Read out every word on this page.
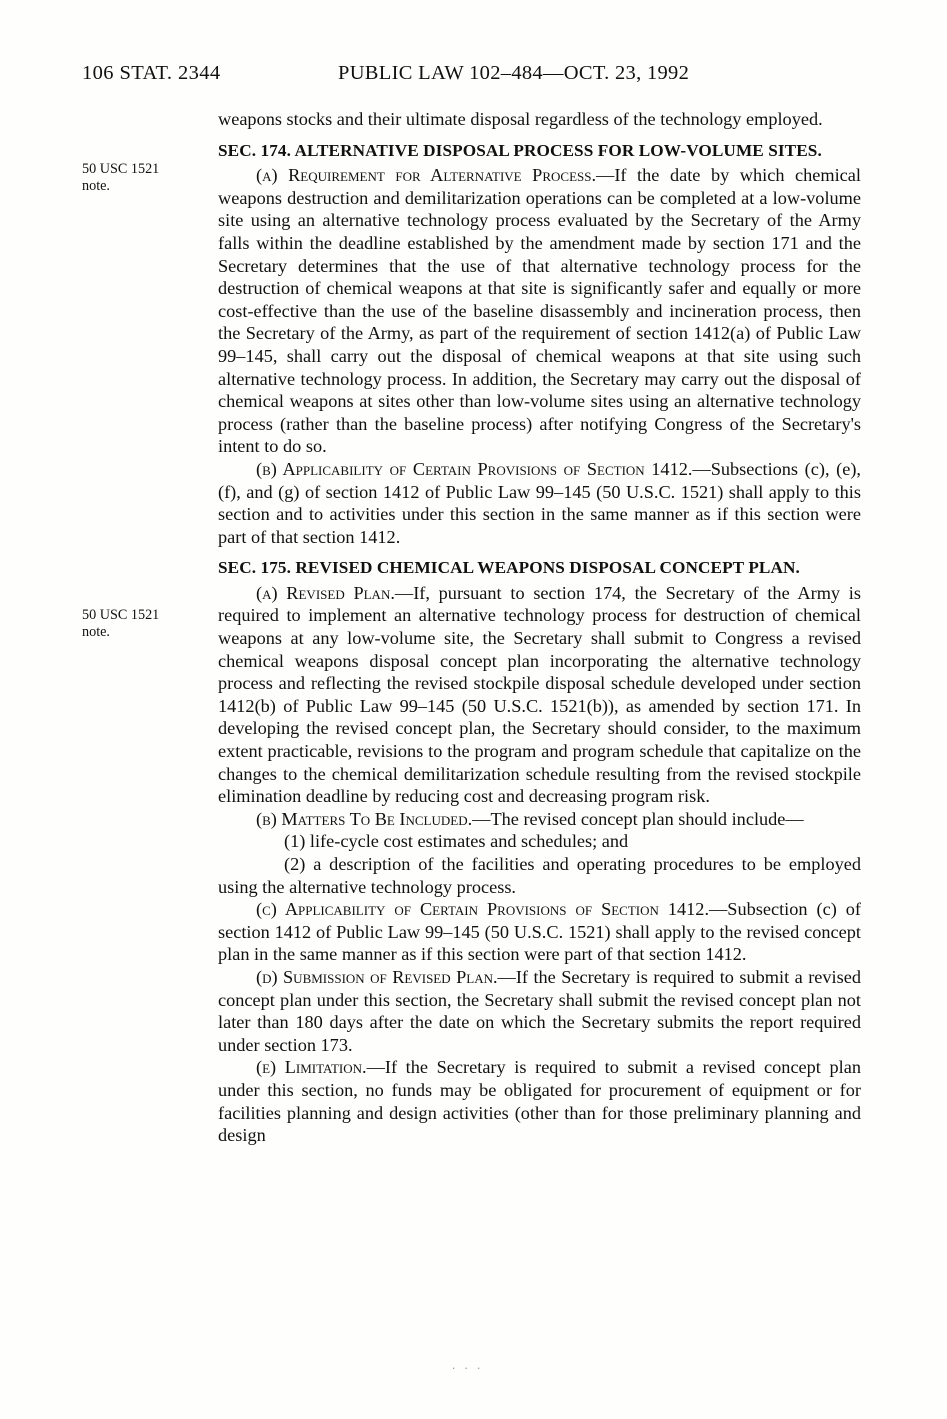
106 STAT. 2344	PUBLIC LAW 102–484—OCT. 23, 1992
50 USC 1521
note.
50 USC 1521
note.

weapons stocks and their ultimate disposal regardless of the technology employed.

SEC. 174. ALTERNATIVE DISPOSAL PROCESS FOR LOW-VOLUME SITES.

(a) Requirement for Alternative Process.—If the date by which chemical weapons destruction and demilitarization operations can be completed at a low-volume site using an alternative technology process evaluated by the Secretary of the Army falls within the deadline established by the amendment made by section 171 and the Secretary determines that the use of that alternative technology process for the destruction of chemical weapons at that site is significantly safer and equally or more cost-effective than the use of the baseline disassembly and incineration process, then the Secretary of the Army, as part of the requirement of section 1412(a) of Public Law 99–145, shall carry out the disposal of chemical weapons at that site using such alternative technology process. In addition, the Secretary may carry out the disposal of chemical weapons at sites other than low-volume sites using an alternative technology process (rather than the baseline process) after notifying Congress of the Secretary's intent to do so.

(b) Applicability of Certain Provisions of Section 1412.—Subsections (c), (e), (f), and (g) of section 1412 of Public Law 99–145 (50 U.S.C. 1521) shall apply to this section and to activities under this section in the same manner as if this section were part of that section 1412.

SEC. 175. REVISED CHEMICAL WEAPONS DISPOSAL CONCEPT PLAN.

(a) Revised Plan.—If, pursuant to section 174, the Secretary of the Army is required to implement an alternative technology process for destruction of chemical weapons at any low-volume site, the Secretary shall submit to Congress a revised chemical weapons disposal concept plan incorporating the alternative technology process and reflecting the revised stockpile disposal schedule developed under section 1412(b) of Public Law 99–145 (50 U.S.C. 1521(b)), as amended by section 171. In developing the revised concept plan, the Secretary should consider, to the maximum extent practicable, revisions to the program and program schedule that capitalize on the changes to the chemical demilitarization schedule resulting from the revised stockpile elimination deadline by reducing cost and decreasing program risk.

(b) Matters To Be Included.—The revised concept plan should include—

(1) life-cycle cost estimates and schedules; and

(2) a description of the facilities and operating procedures to be employed using the alternative technology process.

(c) Applicability of Certain Provisions of Section 1412.—Subsection (c) of section 1412 of Public Law 99–145 (50 U.S.C. 1521) shall apply to the revised concept plan in the same manner as if this section were part of that section 1412.

(d) Submission of Revised Plan.—If the Secretary is required to submit a revised concept plan under this section, the Secretary shall submit the revised concept plan not later than 180 days after the date on which the Secretary submits the report required under section 173.

(e) Limitation.—If the Secretary is required to submit a revised concept plan under this section, no funds may be obligated for procurement of equipment or for facilities planning and design activities (other than for those preliminary planning and design

. . .
